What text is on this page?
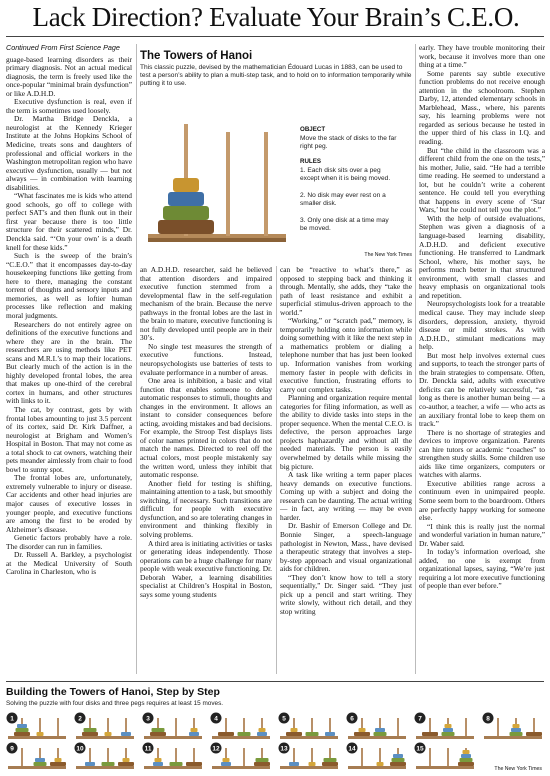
Lack Direction? Evaluate Your Brain’s C.E.O.
Continued From First Science Page

guage-based learning disorders as their primary diagnosis. Not an actual medical diagnosis, the term is freely used like the once-popular “minimal brain dysfunction” or like A.D.H.D.

Executive dysfunction is real, even if the term is sometimes used loosely.

Dr. Martha Bridge Denckla, a neurologist at the Kennedy Krieger Institute at the Johns Hopkins School of Medicine, treats sons and daughters of professional and official workers in the Washington metropolitan region who have executive dysfunction, usually — but not always — in combination with learning disabilities.

“What fascinates me is kids who attend good schools, go off to college with perfect SAT’s and then flunk out in their first year because there is too little structure for their scattered minds,” Dr. Denckla said. “‘On your own’ is a death knell for these kids.”

Such is the sweep of the brain’s “C.E.O.” that it encompasses day-to-day housekeeping functions like getting from here to there, managing the constant torrent of thoughts and sensory inputs and memories, as well as loftier human processes like reflection and making moral judgments.

Researchers do not entirely agree on definitions of the executive functions and where they are in the brain. The researchers are using methods like PET scans and M.R.I.’s to map their locations. But clearly much of the action is in the highly developed frontal lobes, the area that makes up one-third of the cerebral cortex in humans, and other structures with links to it.

The cat, by contrast, gets by with frontal lobes amounting to just 3.5 percent of its cortex, said Dr. Kirk Daffner, a neurologist at Brigham and Women’s Hospital in Boston. That may not come as a total shock to cat owners, watching their pets meander aimlessly from chair to food bowl to sunny spot.

The frontal lobes are, unfortunately, extremely vulnerable to injury or disease. Car accidents and other head injuries are major causes of executive losses in younger people, and executive functions are among the first to be eroded by Alzheimer’s disease.

Genetic factors probably have a role. The disorder can run in families.

Dr. Russell A. Barkley, a psychologist at the Medical University of South Carolina in Charleston, who is

The Towers of Hanoi
This classic puzzle, devised by the mathematician Édouard Lucas in 1883, can be used to test a person’s ability to plan a multi-step task, and to hold on to information temporarily while putting it to use.
OBJECT
Move the stack of disks to the far right peg.
RULES
1. Each disk sits over a peg except when it is being moved.
2. No disk may ever rest on a smaller disk.
3. Only one disk at a time may be moved.
The New York Times

an A.D.H.D. researcher, said he believed that attention disorders and impaired executive function stemmed from a developmental flaw in the self-regulation mechanism of the brain. Because the nerve pathways in the frontal lobes are the last in the brain to mature, executive functioning is not fully developed until people are in their 30’s.

No single test measures the strength of executive functions. Instead, neuropsychologists use batteries of tests to evaluate performance in a number of areas.

One area is inhibition, a basic and vital function that enables someone to delay automatic responses to stimuli, thoughts and changes in the environment. It allows an instant to consider consequences before acting, avoiding mistakes and bad decisions. For example, the Stroop Test displays lists of color names printed in colors that do not match the names. Directed to reel off the actual colors, most people mistakenly say the written word, unless they inhibit that automatic response.

Another field for testing is shifting, maintaining attention to a task, but smoothly switching, if necessary. Such transitions are difficult for people with executive dysfunction, and so are tolerating changes in environment and thinking flexibly in solving problems.

A third area is initiating activities or tasks or generating ideas independently. Those operations can be a huge challenge for many people with weak executive functioning. Dr. Deborah Waber, a learning disabilities specialist at Children’s Hospital in Boston, says some young students

can be “reactive to what’s there,” as opposed to stepping back and thinking it through. Mentally, she adds, they “take the path of least resistance and exhibit a superficial stimulus-driven approach to the world.”

“Working,” or “scratch pad,” memory, is temporarily holding onto information while doing something with it like the next step in a mathematics problem or dialing a telephone number that has just been looked up. Information vanishes from working memory faster in people with deficits in executive function, frustrating efforts to carry out complex tasks.

Planning and organization require mental categories for filing information, as well as the ability to divide tasks into steps in the proper sequence. When the mental C.E.O. is defective, the person approaches large projects haphazardly and without all the needed materials. The person is easily overwhelmed by details while missing the big picture.

A task like writing a term paper places heavy demands on executive functions. Coming up with a subject and doing the research can be daunting. The actual writing — in fact, any writing — may be even harder.

Dr. Bashir of Emerson College and Dr. Bonnie Singer, a speech-language pathologist in Newton, Mass., have devised a therapeutic strategy that involves a step-by-step approach and visual organizational aids for children.

“They don’t know how to tell a story sequentially,” Dr. Singer said. “They just pick up a pencil and start writing. They write slowly, without rich detail, and they stop writing

early. They have trouble monitoring their work, because it involves more than one thing at a time.”

Some parents say subtle executive function problems do not receive enough attention in the schoolroom. Stephen Darby, 12, attended elementary schools in Marblehead, Mass., where, his parents say, his learning problems were not regarded as serious because he tested in the upper third of his class in I.Q. and reading.

But “the child in the classroom was a different child from the one on the tests,” his mother, Julie, said. “He had a terrible time reading. He seemed to understand a lot, but he couldn’t write a coherent sentence. He could tell you everything that happens in every scene of ‘Star Wars,’ but he could not tell you the plot.”

With the help of outside evaluations, Stephen was given a diagnosis of a language-based learning disability, A.D.H.D. and deficient executive functioning. He transferred to Landmark School, where, his mother says, he performs much better in that structured environment, with small classes and heavy emphasis on organizational tools and repetition.

Neuropsychologists look for a treatable medical cause. They may include sleep disorders, depression, anxiety, thyroid disease or mild strokes. As with A.D.H.D., stimulant medications may help.

But most help involves external cues and supports, to teach the stronger parts of the brain strategies to compensate. Often, Dr. Denckla said, adults with executive deficits can be relatively successful, “as long as there is another human being — a co-author, a teacher, a wife — who acts as an auxiliary frontal lobe to keep them on track.”

There is no shortage of strategies and devices to improve organization. Parents can hire tutors or academic “coaches” to strengthen study skills. Some children use aids like time organizers, computers or watches with alarms.

Executive abilities range across a continuum even in unimpaired people. Some seem born to the boardroom. Others are perfectly happy working for someone else.

“I think this is really just the normal and wonderful variation in human nature,” Dr. Waber said.

In today’s information overload, she added, no one is exempt from organizational lapses, saying, “We’re just requiring a lot more executive functioning of people than ever before.”

Building the Towers of Hanoi, Step by Step
Solving the puzzle with four disks and three pegs requires at least 15 moves.
1	2	3	4	5	6	7	8
9	10	11	12	13	14	15
The New York Times
